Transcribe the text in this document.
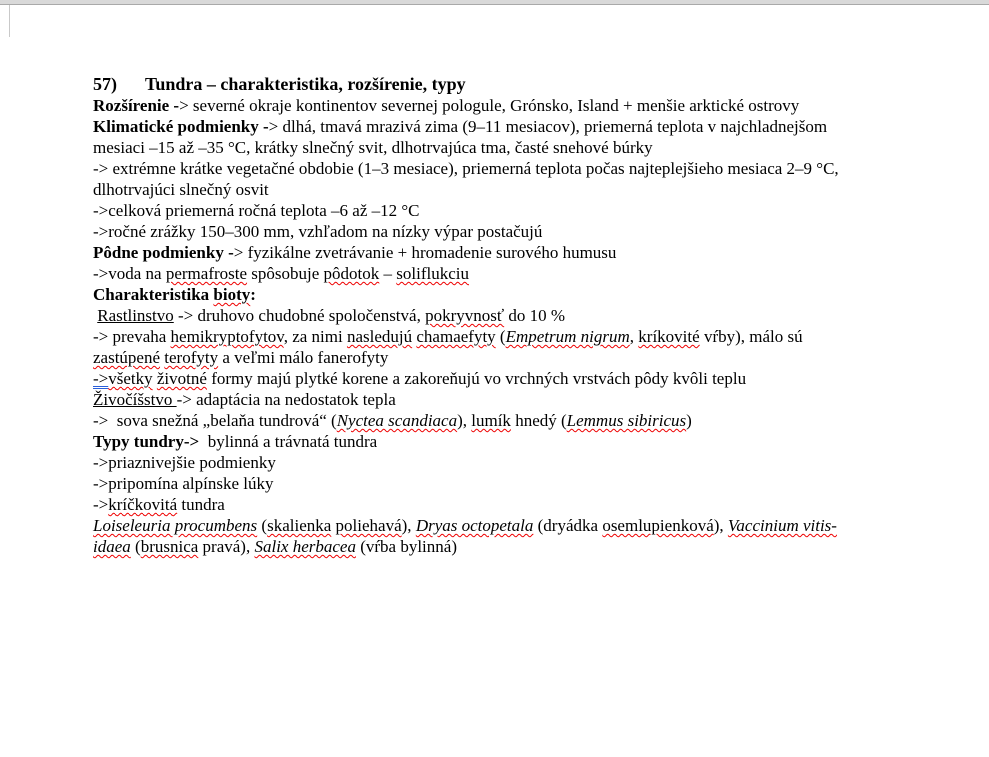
57) Tundra – charakteristika, rozšírenie, typy
Rozšírenie -> severné okraje kontinentov severnej pologule, Grónsko, Island + menšie arktické ostrovy
Klimatické podmienky -> dlhá, tmavá mrazivá zima (9–11 mesiacov), priemerná teplota v najchladnejšom
mesiaci –15 až –35 °C, krátky slnečný svit, dlhotrvajúca tma, časté snehové búrky
-> extrémne krátke vegetačné obdobie (1–3 mesiace), priemerná teplota počas najteplejšieho mesiaca 2–9 °C,
dlhotrvajúci slnečný osvit
->celková priemerná ročná teplota –6 až –12 °C
->ročné zrážky 150–300 mm, vzhľadom na nízky výpar postačujú
Pôdne podmienky -> fyzikálne zvetrávanie + hromadenie surového humusu
->voda na permafroste spôsobuje pôdotok – soliflukciu
Charakteristika bioty:
Rastlinstvo -> druhovo chudobné spoločenstvá, pokryvnosť do 10 %
-> prevaha hemikryptofytov, za nimi nasledujú chamaefyty (Empetrum nigrum, kríkovité vŕby), málo sú
zastúpené terofyty a veľmi málo fanerofyty
->všetky životné formy majú plytké korene a zakoreňujú vo vrchných vrstvách pôdy kvôli teplu
Živočíšstvo -> adaptácia na nedostatok tepla
->  sova snežná „belaňa tundrová“ (Nyctea scandiaca), lumík hnedý (Lemmus sibiricus)
Typy tundry->  bylinná a trávnatá tundra
->priaznivejšie podmienky
->pripomína alpínske lúky
->kríčkovitá tundra
Loiseleuria procumbens (skalienka poliehavá), Dryas octopetala (dryádka osemlupienková), Vaccinium vitis-
idaea (brusnica pravá), Salix herbacea (vŕba bylinná)
